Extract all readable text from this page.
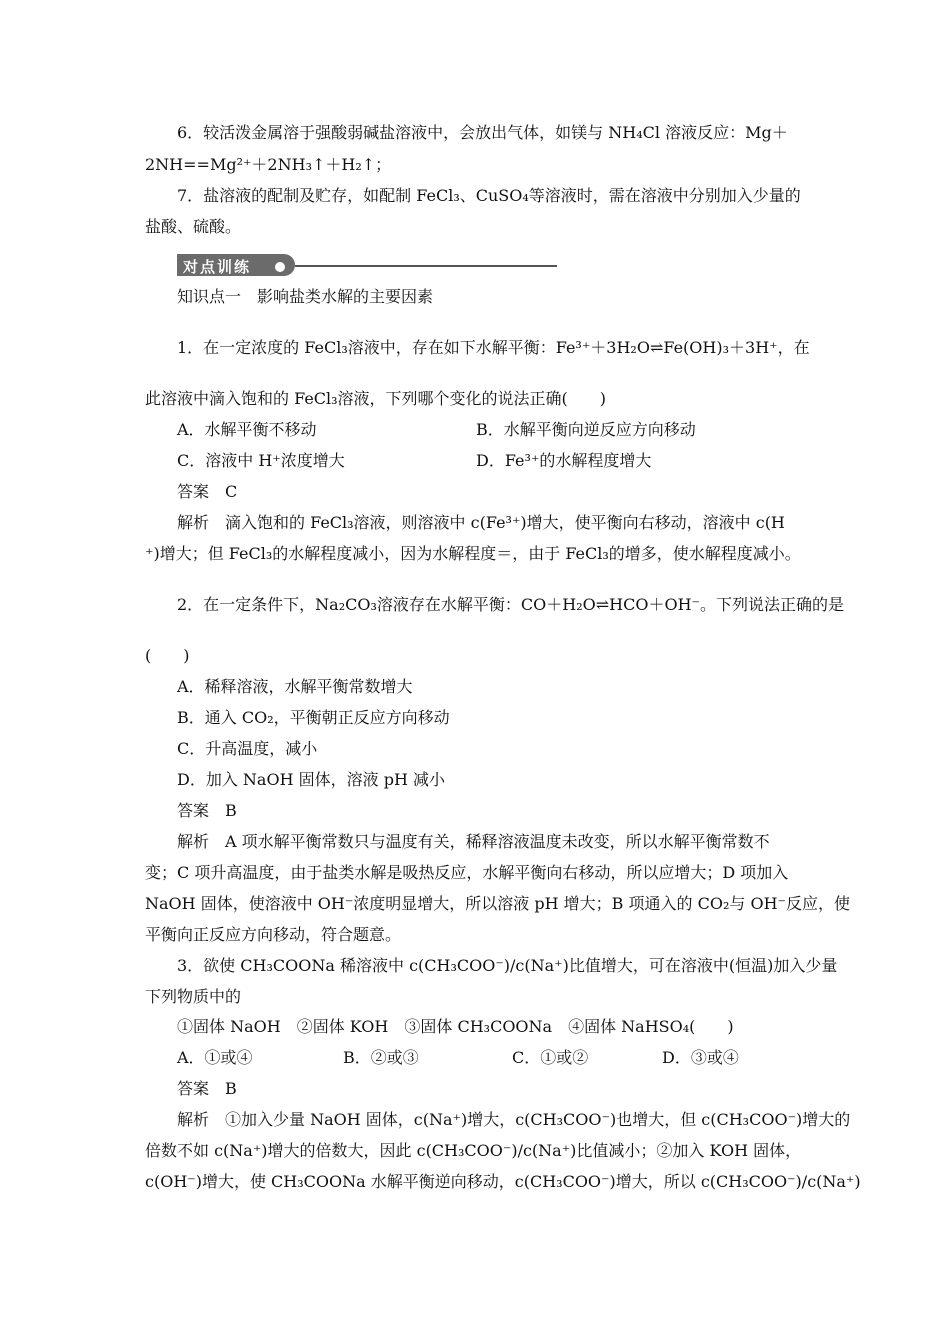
6．较活泼金属溶于强酸弱碱盐溶液中，会放出气体，如镁与 NH₄Cl 溶液反应：Mg＋
2NH==Mg²⁺＋2NH₃↑＋H₂↑；
7．盐溶液的配制及贮存，如配制 FeCl₃、CuSO₄等溶液时，需在溶液中分别加入少量的
盐酸、硫酸。
对点训练
知识点一　影响盐类水解的主要因素
1．在一定浓度的 FeCl₃溶液中，存在如下水解平衡：Fe³⁺＋3H₂O⇌Fe(OH)₃＋3H⁺，在
此溶液中滴入饱和的 FeCl₃溶液，下列哪个变化的说法正确(　　)
A．水解平衡不移动	B．水解平衡向逆反应方向移动
C．溶液中 H⁺浓度增大	D．Fe³⁺的水解程度增大
答案　C
解析　滴入饱和的 FeCl₃溶液，则溶液中 c(Fe³⁺)增大，使平衡向右移动，溶液中 c(H
⁺)增大；但 FeCl₃的水解程度减小，因为水解程度＝，由于 FeCl₃的增多，使水解程度减小。
2．在一定条件下，Na₂CO₃溶液存在水解平衡：CO＋H₂O⇌HCO＋OH⁻。下列说法正确的是
(　　)
A．稀释溶液，水解平衡常数增大
B．通入 CO₂，平衡朝正反应方向移动
C．升高温度，减小
D．加入 NaOH 固体，溶液 pH 减小
答案　B
解析　A 项水解平衡常数只与温度有关，稀释溶液温度未改变，所以水解平衡常数不
变；C 项升高温度，由于盐类水解是吸热反应，水解平衡向右移动，所以应增大；D 项加入
NaOH 固体，使溶液中 OH⁻浓度明显增大，所以溶液 pH 增大；B 项通入的 CO₂与 OH⁻反应，使
平衡向正反应方向移动，符合题意。
3．欲使 CH₃COONa 稀溶液中 c(CH₃COO⁻)/c(Na⁺)比值增大，可在溶液中(恒温)加入少量
下列物质中的
①固体 NaOH　②固体 KOH　③固体 CH₃COONa　④固体 NaHSO₄(　　)
A．①或④	B．②或③	C．①或②	D．③或④
答案　B
解析　①加入少量 NaOH 固体，c(Na⁺)增大，c(CH₃COO⁻)也增大，但 c(CH₃COO⁻)增大的
倍数不如 c(Na⁺)增大的倍数大，因此 c(CH₃COO⁻)/c(Na⁺)比值减小；②加入 KOH 固体，
c(OH⁻)增大，使 CH₃COONa 水解平衡逆向移动，c(CH₃COO⁻)增大，所以 c(CH₃COO⁻)/c(Na⁺)
